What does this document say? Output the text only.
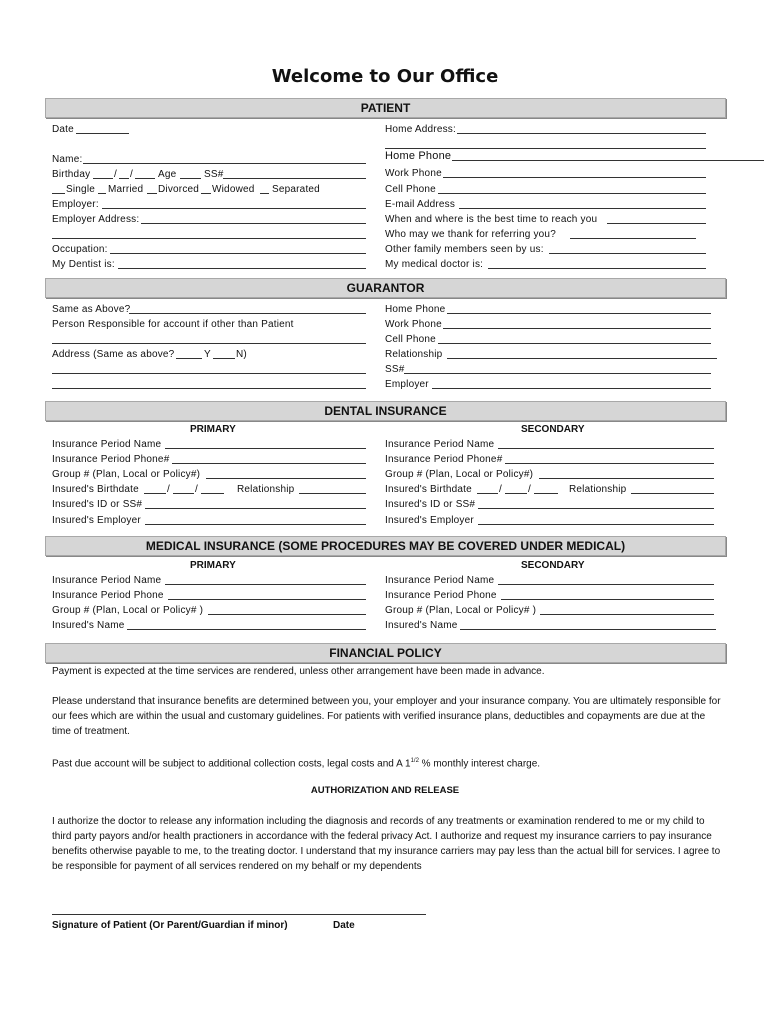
Welcome to Our Office
PATIENT
Date
Name:
Birthday / /	Age	SS#
Single Married Divorced Widowed Separated
Employer:
Employer Address:
Occupation:
My Dentist is:
Home Address:
Home Phone
Work Phone
Cell Phone
E-mail Address
When and where is the best time to reach you
Who may we thank for referring you?
Other family members seen by us:
My medical doctor is:
GUARANTOR
Same as Above?
Person Responsible for account if other than Patient
Address (Same as above?	Y	N)
Home Phone
Work Phone
Cell Phone
Relationship
SS#
Employer
DENTAL INSURANCE
PRIMARY	SECONDARY
Insurance Period Name
Insurance Period Phone#
Group # (Plan, Local or Policy#)
Insured's Birthdate	/	/	Relationship
Insured's ID or SS#
Insured's Employer
Insurance Period Name
Insurance Period Phone#
Group # (Plan, Local or Policy#)
Insured's Birthdate	/	/	Relationship
Insured's ID or SS#
Insured's Employer
MEDICAL INSURANCE (SOME PROCEDURES MAY BE COVERED UNDER MEDICAL)
PRIMARY	SECONDARY
Insurance Period Name
Insurance Period Phone
Group # (Plan, Local or Policy# )
Insured's Name
Insurance Period Name
Insurance Period Phone
Group # (Plan, Local or Policy# )
Insured's Name
FINANCIAL POLICY
Payment is expected at the time services are rendered, unless other arrangement have been made in advance.
Please understand that insurance benefits are determined between you, your employer and your insurance company. You are ultimately responsible for our fees which are within the usual and customary guidelines. For patients with verified insurance plans, deductibles and copayments are due at the time of treatment.
Past due account will be subject to additional collection costs, legal costs and A $1^{1/2}$ % monthly interest charge.
AUTHORIZATION AND RELEASE
I authorize the doctor to release any information including the diagnosis and records of any treatments or examination rendered to me or my child to third party payors and/or health practioners in accordance with the federal privacy Act. I authorize and request my insurance carriers to pay insurance benefits otherwise payable to me, to the treating doctor. I understand that my insurance carriers may pay less than the actual bill for services. I agree to be responsible for payment of all services rendered on my behalf or my dependents
Signature of Patient (Or Parent/Guardian if minor)	Date
